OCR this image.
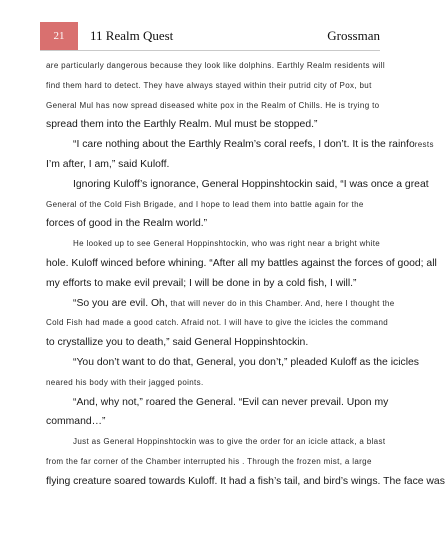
21	11 Realm Quest	Grossman
are particularly dangerous because they look like dolphins. Earthly Realm residents will
find them hard to detect. They have always stayed within their putrid city of Pox, but
General Mul has now spread diseased white pox in the Realm of Chills. He is trying to
spread them into the Earthly Realm. Mul must be stopped.”
“I care nothing about the Earthly Realm’s coral reefs, I don’t. It is the rainforests
I’m after, I am,” said Kuloff.
Ignoring Kuloff’s ignorance, General Hoppinshtockin said, “I was once a great
General of the Cold Fish Brigade, and I hope to lead them into battle again for the
forces of good in the Realm world.”
He looked up to see General Hoppinshtockin, who was right near a bright white
hole. Kuloff winced before whining. “After all my battles against the forces of good; all
my efforts to make evil prevail; I will be done in by a cold fish, I will.”
“So you are evil. Oh, that will never do in this Chamber. And, here I thought the
Cold Fish had made a good catch. Afraid not. I will have to give the icicles the command
to crystallize you to death,” said General Hoppinshtockin.
“You don’t want to do that, General, you don’t,” pleaded Kuloff as the icicles
neared his body with their jagged points.
“And, why not,” roared the General. “Evil can never prevail. Upon my
command…”
Just as General Hoppinshtockin was to give the order for an icicle attack, a blast
from the far corner of the Chamber interrupted his . Through the frozen mist, a large
flying creature soared towards Kuloff. It had a fish’s tail, and bird’s wings. The face was
